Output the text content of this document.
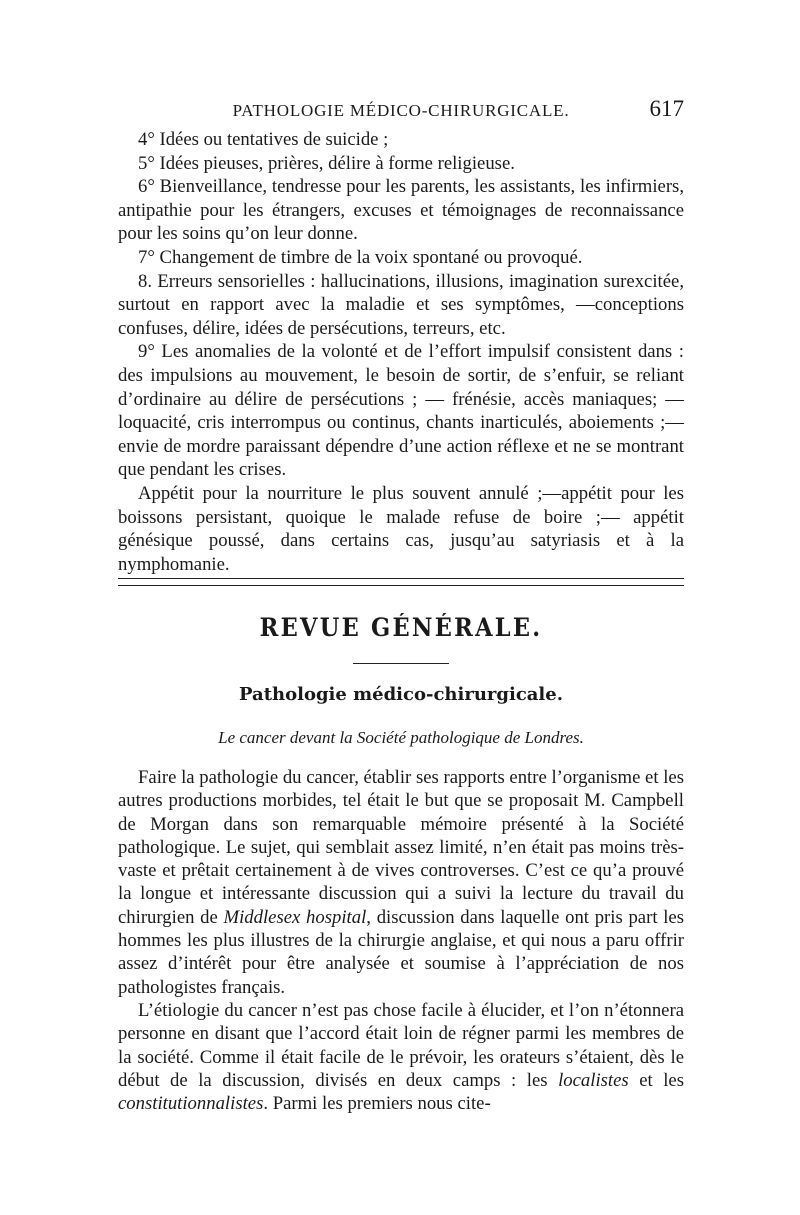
PATHOLOGIE MÉDICO-CHIRURGICALE.	617

4° Idées ou tentatives de suicide ;

5° Idées pieuses, prières, délire à forme religieuse.

6° Bienveillance, tendresse pour les parents, les assistants, les infirmiers, antipathie pour les étrangers, excuses et témoignages de reconnaissance pour les soins qu’on leur donne.

7° Changement de timbre de la voix spontané ou provoqué.

8. Erreurs sensorielles : hallucinations, illusions, imagination surexcitée, surtout en rapport avec la maladie et ses symptômes, —conceptions confuses, délire, idées de persécutions, terreurs, etc.

9° Les anomalies de la volonté et de l’effort impulsif consistent dans : des impulsions au mouvement, le besoin de sortir, de s’enfuir, se reliant d’ordinaire au délire de persécutions ; — frénésie, accès maniaques; —loquacité, cris interrompus ou continus, chants inarticulés, aboiements ;—envie de mordre paraissant dépendre d’une action réflexe et ne se montrant que pendant les crises.

Appétit pour la nourriture le plus souvent annulé ;—appétit pour les boissons persistant, quoique le malade refuse de boire ;— appétit génésique poussé, dans certains cas, jusqu’au satyriasis et à la nymphomanie.

REVUE GÉNÉRALE.
Pathologie médico-chirurgicale.
Le cancer devant la Société pathologique de Londres.

Faire la pathologie du cancer, établir ses rapports entre l’organisme et les autres productions morbides, tel était le but que se proposait M. Campbell de Morgan dans son remarquable mémoire présenté à la Société pathologique. Le sujet, qui semblait assez limité, n’en était pas moins très-vaste et prêtait certainement à de vives controverses. C’est ce qu’a prouvé la longue et intéressante discussion qui a suivi la lecture du travail du chirurgien de Middlesex hospital, discussion dans laquelle ont pris part les hommes les plus illustres de la chirurgie anglaise, et qui nous a paru offrir assez d’intérêt pour être analysée et soumise à l’appréciation de nos pathologistes français.

L’étiologie du cancer n’est pas chose facile à élucider, et l’on n’étonnera personne en disant que l’accord était loin de régner parmi les membres de la société. Comme il était facile de le prévoir, les orateurs s’étaient, dès le début de la discussion, divisés en deux camps : les localistes et les constitutionnalistes. Parmi les premiers nous cite-
